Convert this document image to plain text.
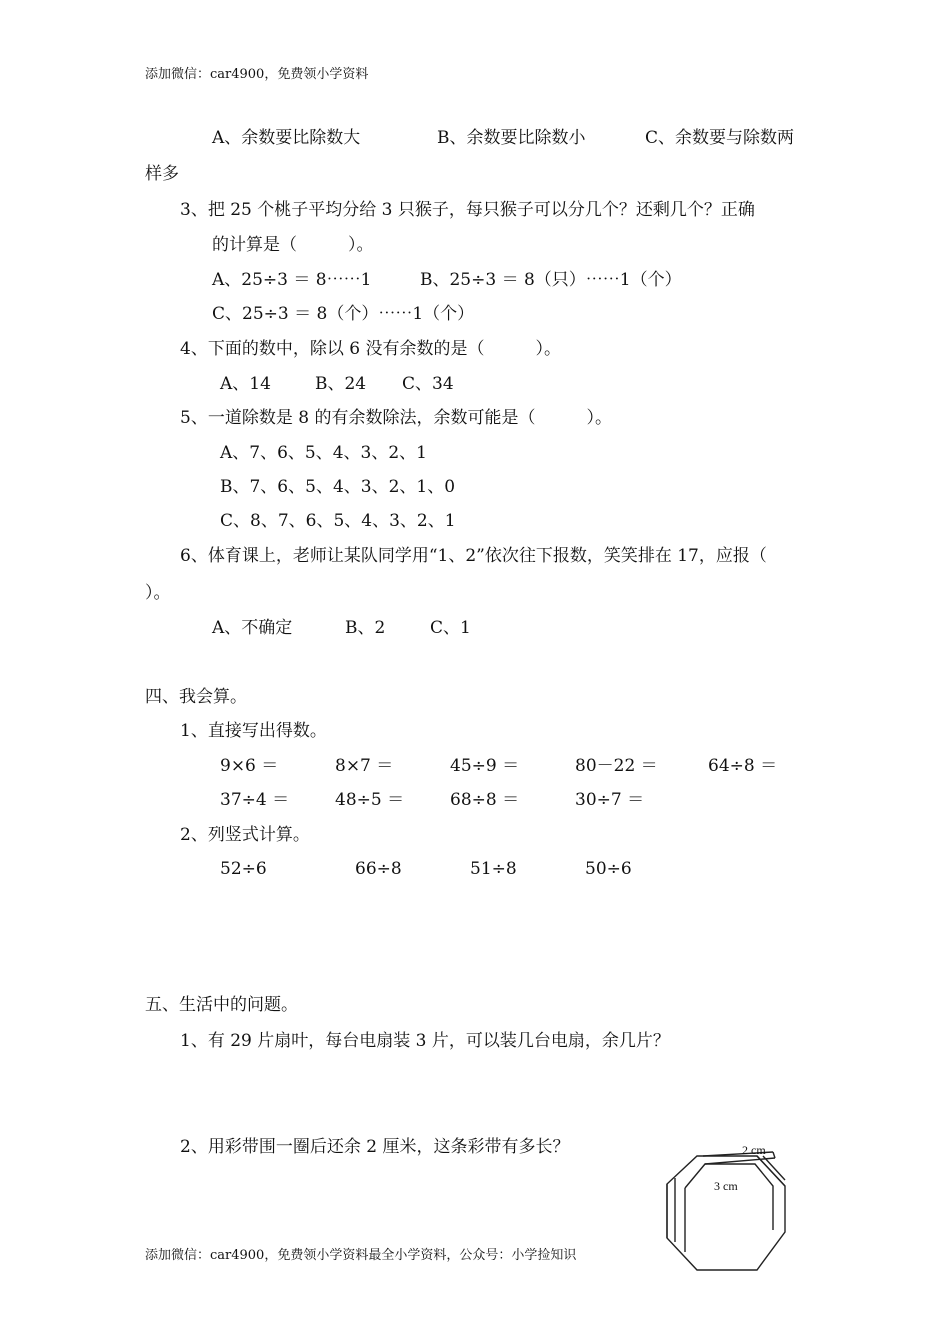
添加微信：car4900，免费领小学资料
A、余数要比除数大	B、余数要比除数小	C、余数要与除数两
样多
3、把 25 个桃子平均分给 3 只猴子，每只猴子可以分几个？还剩几个？正确
的计算是（　　　）。
A、25÷3 ＝ 8⋯⋯1	B、25÷3 ＝ 8（只）⋯⋯1（个）
C、25÷3 ＝ 8（个）⋯⋯1（个）
4、下面的数中，除以 6 没有余数的是（　　　）。
A、14	B、24 C、34
5、一道除数是 8 的有余数除法，余数可能是（　　　）。
A、7、6、5、4、3、2、1
B、7、6、5、4、3、2、1、0
C、8、7、6、5、4、3、2、1
6、体育课上，老师让某队同学用“1、2”依次往下报数，笑笑排在 17，应报（
）。
A、不确定	B、2	C、1
四、我会算。
1、直接写出得数。
9×6 ＝	8×7 ＝	45÷9 ＝	80－22 ＝	64÷8 ＝
37÷4 ＝	48÷5 ＝	68÷8 ＝	30÷7 ＝
2、列竖式计算。
52÷6	66÷8	51÷8	50÷6
五、生活中的问题。
1、有 29 片扇叶，每台电扇装 3 片，可以装几台电扇，余几片？
2、用彩带围一圈后还余 2 厘米，这条彩带有多长？	2 cm
3 cm
添加微信：car4900，免费领小学资料最全小学资料，公众号：小学捡知识
